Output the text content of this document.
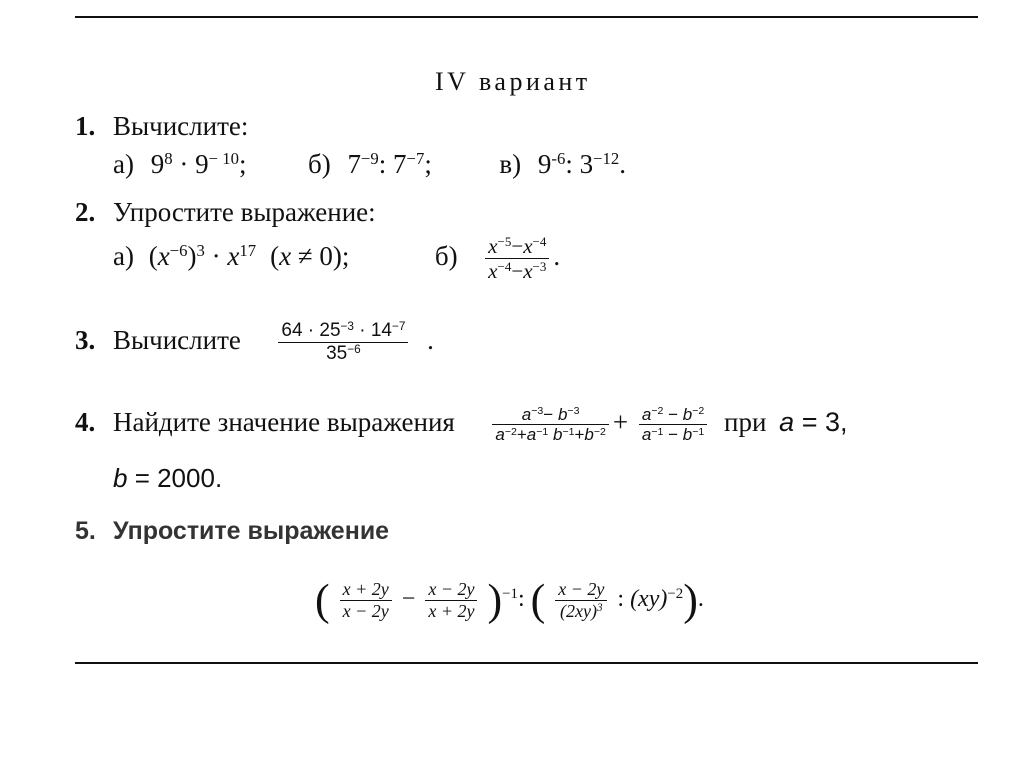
IV вариант
1. Вычислите:
а) $9^8 \cdot 9^{- 10}$; б) $7^{-9}$: $7^{-7}$;	в) $9^{-6}$: $3^{-12}$.
2. Упростите выражение:
а) $(x^{-6})^3 \cdot x^{17}$ (x ≠ 0);	$б) \frac{x^{-5}-x^{-4}}{x^{-4}-x^{-3}}$ .
3. Вычислите $\frac{64 \cdot 25^{-3} \cdot 14^{-7}}{35^{-6}}$ .
4. Найдите значение выражения $\frac{a^{-3}- b^{-3}}{a^{-2}+a^{-1} b^{-1}+b^{-2}} + \frac{a^{-2} - b^{-2}}{a^{-1} - b^{-1}}$ при a = 3,
b = 2000.
5. Упростите выражение
( $\frac{x + 2y}{x - 2y} - \frac{x - 2y}{x + 2y} )^{-1}$: ( $\frac{x - 2y}{(2xy)^3}$ : (xy)$^{-2}$).
